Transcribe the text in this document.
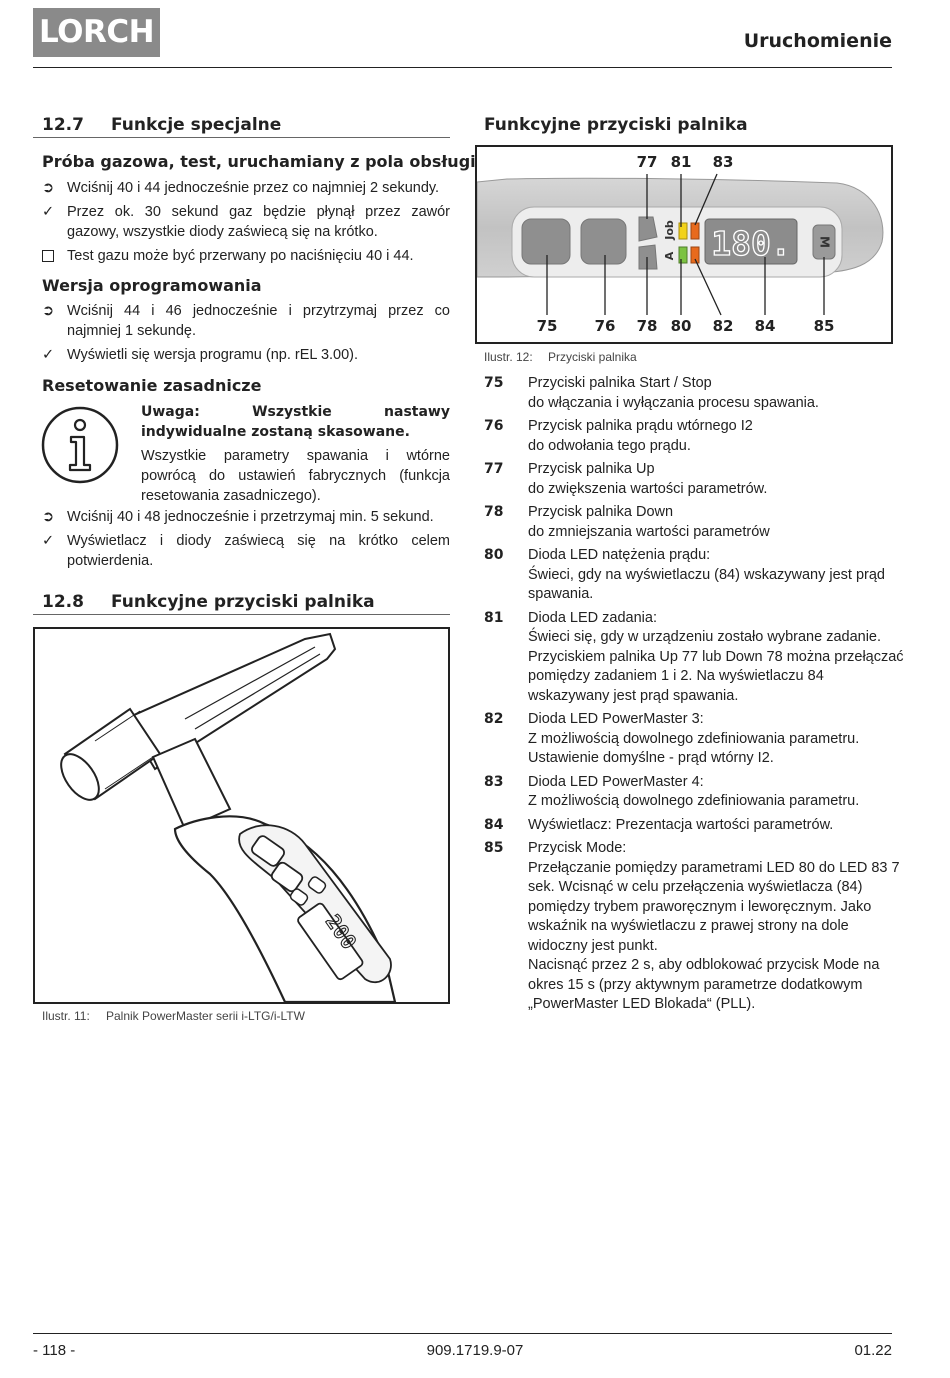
LORCH	Uruchomienie
12.7 Funkcje specjalne
Próba gazowa, test, uruchamiany z pola obsługi
➲ Wciśnij 40 i 44 jednocześnie przez co najmniej 2 sekundy.
✓ Przez ok. 30 sekund gaz będzie płynął przez zawór gazowy, wszystkie diody zaświecą się na krótko.
Test gazu może być przerwany po naciśnięciu 40 i 44.
Wersja oprogramowania
➲ Wciśnij 44 i 46 jednocześnie i przytrzymaj przez co najmniej 1 sekundę.
✓ Wyświetli się wersja programu (np. rEL 3.00).
Resetowanie zasadnicze
Uwaga: Wszystkie nastawy indywidualne zostaną skasowane.
Wszystkie parametry spawania i wtórne powrócą do ustawień fabrycznych (funkcja resetowania zasadniczego).
➲ Wciśnij 40 i 48 jednocześnie i przetrzymaj min. 5 sekund.
✓ Wyświetlacz i diody zaświecą się na krótko celem potwierdenia.
12.8 Funkcyjne przyciski palnika
200
Ilustr. 11: Palnik PowerMaster serii i-LTG/i-LTW
Funkcyjne przyciski palnika
Job
A 180. M
77 81 83
75 76 78 80 82 84	85
Ilustr. 12: Przyciski palnika
75 Przyciski palnika Start / Stop
do włączania i wyłączania procesu spawania.
76 Przycisk palnika prądu wtórnego I2
do odwołania tego prądu.
77 Przycisk palnika Up
do zwiększenia wartości parametrów.
78 Przycisk palnika Down
do zmniejszania wartości parametrów
80 Dioda LED natężenia prądu:
Świeci, gdy na wyświetlaczu (84) wskazywany jest prąd spawania.
81 Dioda LED zadania:
Świeci się, gdy w urządzeniu zostało wybrane zadanie. Przyciskiem palnika Up 77 lub Down 78 można przełączać pomiędzy zadaniem 1 i 2. Na wyświetlaczu 84 wskazywany jest prąd spawania.
82 Dioda LED PowerMaster 3:
Z możliwością dowolnego zdefiniowania parametru. Ustawienie domyślne - prąd wtórny I2.
83 Dioda LED PowerMaster 4:
Z możliwością dowolnego zdefiniowania parametru.
84 Wyświetlacz: Prezentacja wartości parametrów.
85 Przycisk Mode:
Przełączanie pomiędzy parametrami LED 80 do LED 83 7 sek. Wcisnąć w celu przełączenia wyświetlacza (84) pomiędzy trybem praworęcznym i leworęcznym. Jako wskaźnik na wyświetlaczu z prawej strony na dole widoczny jest punkt.
Nacisnąć przez 2 s, aby odblokować przycisk Mode na okres 15 s (przy aktywnym parametrze dodatkowym „PowerMaster LED Blokada“ (PLL).
- 118 -	909.1719.9-07	01.22
